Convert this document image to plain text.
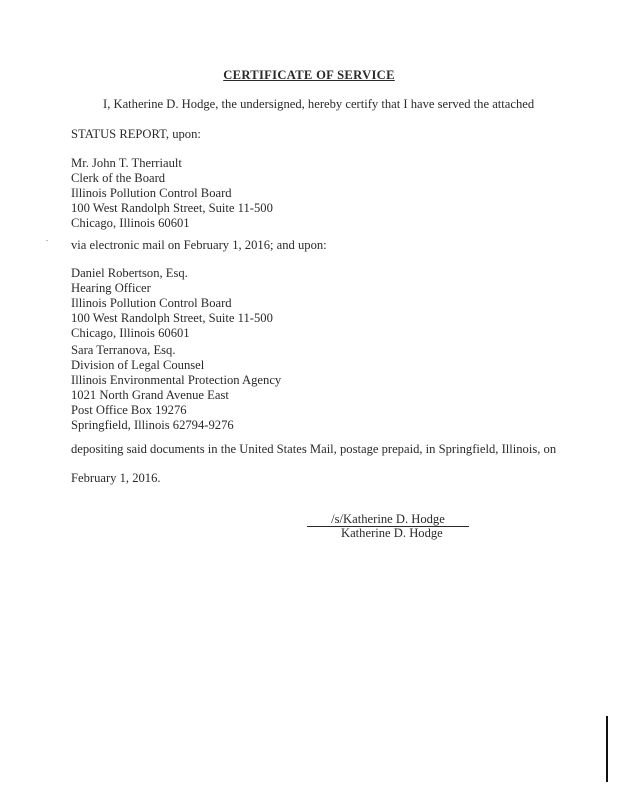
CERTIFICATE OF SERVICE
I, Katherine D. Hodge, the undersigned, hereby certify that I have served the attached
STATUS REPORT, upon:
Mr. John T. Therriault
Clerk of the Board
Illinois Pollution Control Board
100 West Randolph Street, Suite 11-500
Chicago, Illinois 60601
via electronic mail on February 1, 2016; and upon:
Daniel Robertson, Esq.
Hearing Officer
Illinois Pollution Control Board
100 West Randolph Street, Suite 11-500
Chicago, Illinois 60601
Sara Terranova, Esq.
Division of Legal Counsel
Illinois Environmental Protection Agency
1021 North Grand Avenue East
Post Office Box 19276
Springfield, Illinois 62794-9276
depositing said documents in the United States Mail, postage prepaid, in Springfield, Illinois, on
February 1, 2016.
/s/Katherine D. Hodge
Katherine D. Hodge
